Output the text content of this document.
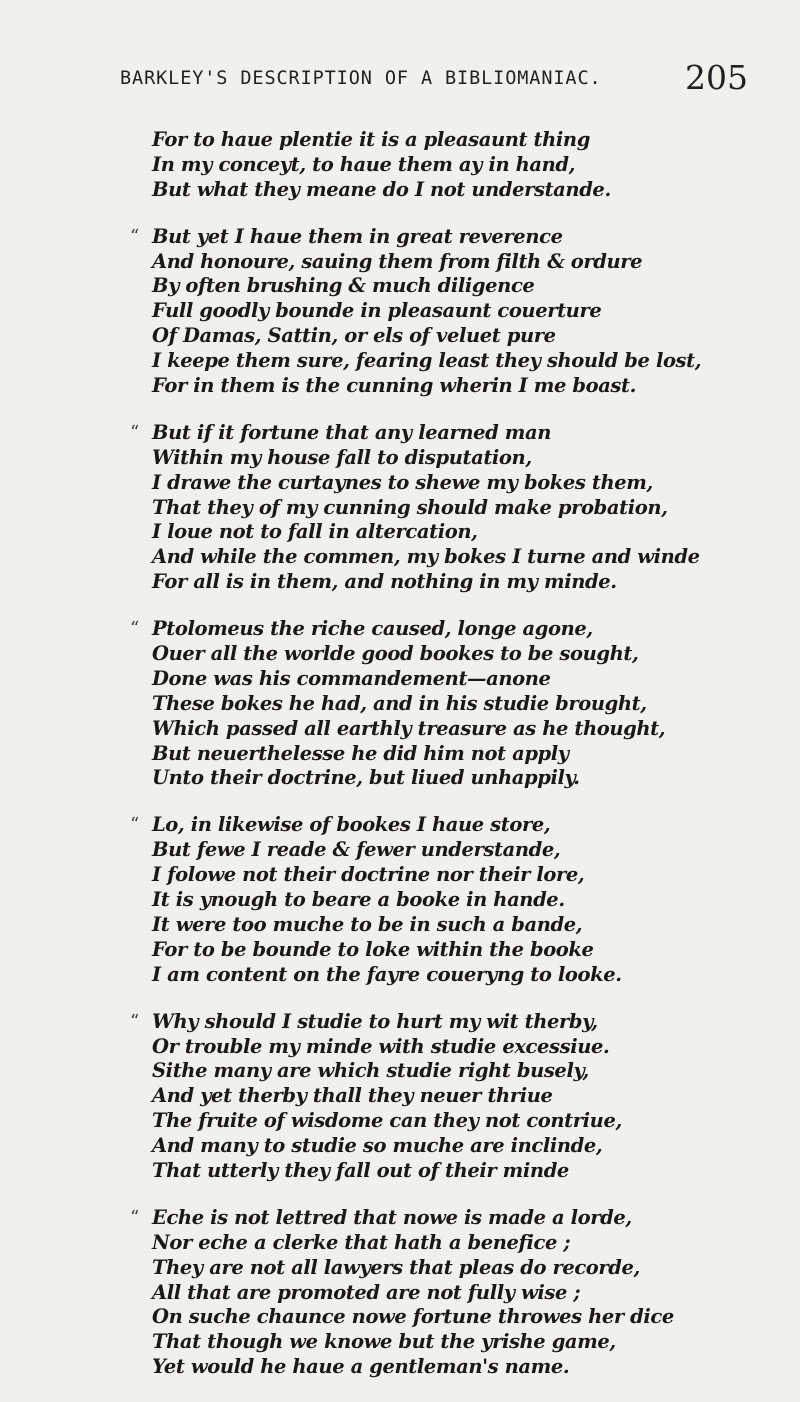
BARKLEY'S DESCRIPTION OF A BIBLIOMANIAC.	205
For to haue plentie it is a pleasaunt thing
In my conceyt, to haue them ay in hand,
But what they meane do I not understande.
“ But yet I haue them in great reverence
And honoure, sauing them from filth & ordure
By often brushing & much diligence
Full goodly bounde in pleasaunt couerture
Of Damas, Sattin, or els of veluet pure
I keepe them sure, fearing least they should be lost,
For in them is the cunning wherin I me boast.
“ But if it fortune that any learned man
Within my house fall to disputation,
I drawe the curtaynes to shewe my bokes them,
That they of my cunning should make probation,
I loue not to fall in altercation,
And while the commen, my bokes I turne and winde
For all is in them, and nothing in my minde.
“ Ptolomeus the riche caused, longe agone,
Ouer all the worlde good bookes to be sought,
Done was his commandement—anone
These bokes he had, and in his studie brought,
Which passed all earthly treasure as he thought,
But neuerthelesse he did him not apply
Unto their doctrine, but liued unhappily.
“ Lo, in likewise of bookes I haue store,
But fewe I reade & fewer understande,
I folowe not their doctrine nor their lore,
It is ynough to beare a booke in hande.
It were too muche to be in such a bande,
For to be bounde to loke within the booke
I am content on the fayre coueryng to looke.
“ Why should I studie to hurt my wit therby,
Or trouble my minde with studie excessiue.
Sithe many are which studie right busely,
And yet therby thall they neuer thriue
The fruite of wisdome can they not contriue,
And many to studie so muche are inclinde,
That utterly they fall out of their minde
“ Eche is not lettred that nowe is made a lorde,
Nor eche a clerke that hath a benefice ;
They are not all lawyers that pleas do recorde,
All that are promoted are not fully wise ;
On suche chaunce nowe fortune throwes her dice
That though we knowe but the yrishe game,
Yet would he haue a gentleman's name.
